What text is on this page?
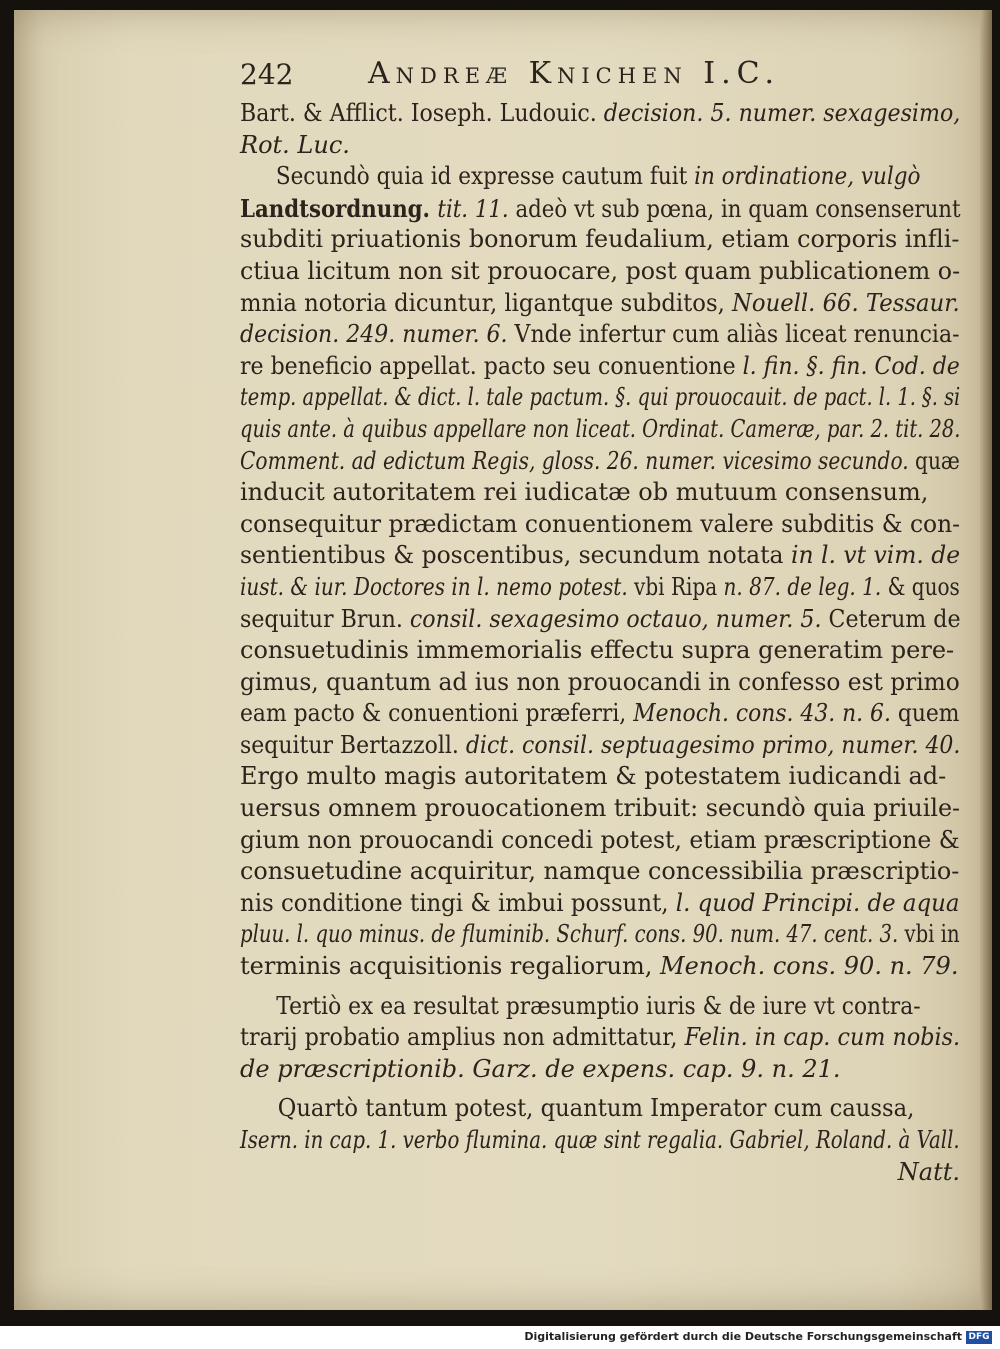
242 Andreæ Knichen I.C.
Bart. & Afflict. Ioseph. Ludouic. decision. 5. numer. sexagesimo,
Rot. Luc.
Secundò quia id expresse cautum fuit in ordinatione, vulgò
Landtsordnung. tit. 11. adeò vt sub pœna, in quam consenserunt
subditi priuationis bonorum feudalium, etiam corporis infli-
ctiua licitum non sit prouocare, post quam publicationem o-
mnia notoria dicuntur, ligantque subditos, Nouell. 66. Tessaur.
decision. 249. numer. 6. Vnde infertur cum aliàs liceat renuncia-
re beneficio appellat. pacto seu conuentione l. fin. §. fin. Cod. de
temp. appellat. & dict. l. tale pactum. §. qui prouocauit. de pact. l. 1. §. si
quis ante. à quibus appellare non liceat. Ordinat. Cameræ, par. 2. tit. 28.
Comment. ad edictum Regis, gloss. 26. numer. vicesimo secundo. quæ
inducit autoritatem rei iudicatæ ob mutuum consensum,
consequitur prædictam conuentionem valere subditis & con-
sentientibus & poscentibus, secundum notata in l. vt vim. de
iust. & iur. Doctores in l. nemo potest. vbi Ripa n. 87. de leg. 1. & quos
sequitur Brun. consil. sexagesimo octauo, numer. 5. Ceterum de
consuetudinis immemorialis effectu supra generatim pere-
gimus, quantum ad ius non prouocandi in confesso est primo
eam pacto & conuentioni præferri, Menoch. cons. 43. n. 6. quem
sequitur Bertazzoll. dict. consil. septuagesimo primo, numer. 40.
Ergo multo magis autoritatem & potestatem iudicandi ad-
uersus omnem prouocationem tribuit: secundò quia priuile-
gium non prouocandi concedi potest, etiam præscriptione &
consuetudine acquiritur, namque concessibilia præscriptio-
nis conditione tingi & imbui possunt, l. quod Principi. de aqua
pluu. l. quo minus. de fluminib. Schurf. cons. 90. num. 47. cent. 3. vbi in
terminis acquisitionis regaliorum, Menoch. cons. 90. n. 79.
Tertiò ex ea resultat præsumptio iuris & de iure vt contra-
trarij probatio amplius non admittatur, Felin. in cap. cum nobis.
de præscriptionib. Garz. de expens. cap. 9. n. 21.
Quartò tantum potest, quantum Imperator cum caussa,
Isern. in cap. 1. verbo flumina. quæ sint regalia. Gabriel, Roland. à Vall.
Natt.
Digitalisierung gefördert durch die Deutsche Forschungsgemeinschaft DFG
